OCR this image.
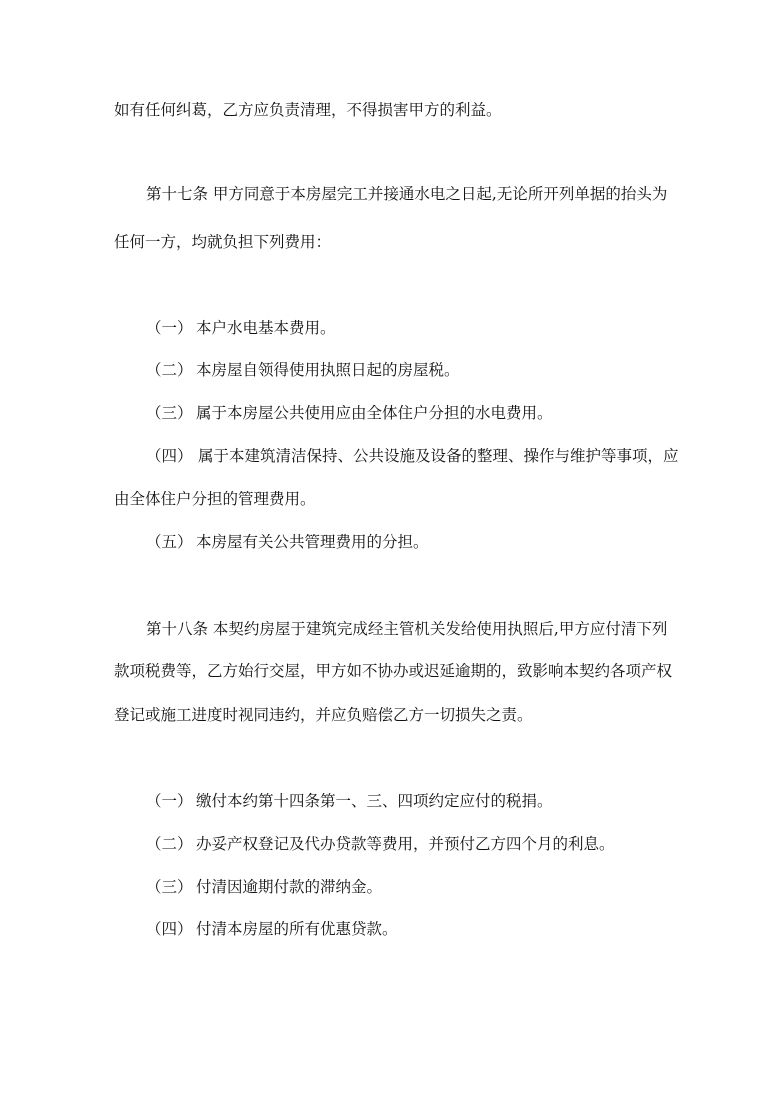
如有任何纠葛，乙方应负责清理，不得损害甲方的利益。
第十七条 甲方同意于本房屋完工并接通水电之日起,无论所开列单据的抬头为
任何一方，均就负担下列费用：
（一） 本户水电基本费用。
（二） 本房屋自领得使用执照日起的房屋税。
（三） 属于本房屋公共使用应由全体住户分担的水电费用。
（四） 属于本建筑清洁保持、公共设施及设备的整理、操作与维护等事项，应
由全体住户分担的管理费用。
（五） 本房屋有关公共管理费用的分担。
第十八条 本契约房屋于建筑完成经主管机关发给使用执照后,甲方应付清下列
款项税费等，乙方始行交屋，甲方如不协办或迟延逾期的，致影响本契约各项产权
登记或施工进度时视同违约，并应负赔偿乙方一切损失之责。
（一） 缴付本约第十四条第一、三、四项约定应付的税捐。
（二） 办妥产权登记及代办贷款等费用，并预付乙方四个月的利息。
（三） 付清因逾期付款的滞纳金。
（四） 付清本房屋的所有优惠贷款。
